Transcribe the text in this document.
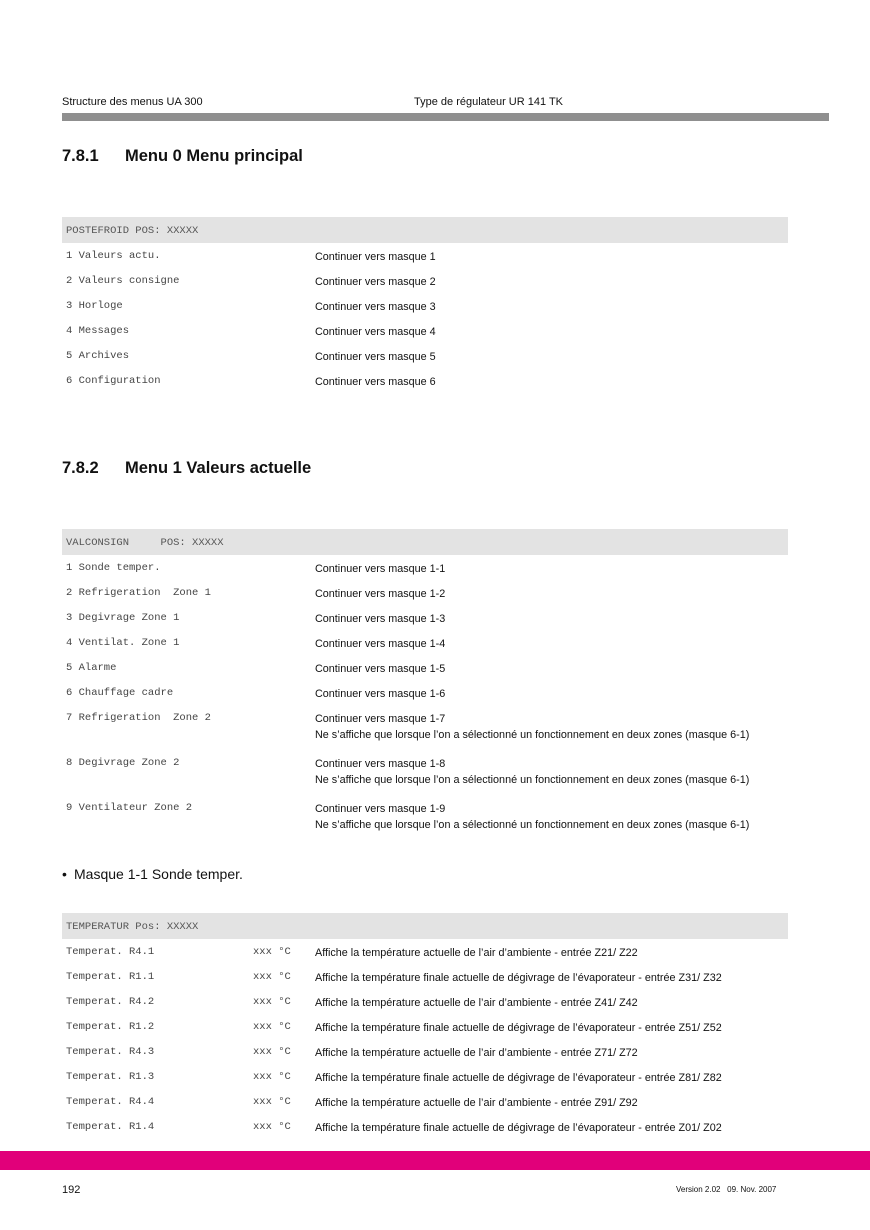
Structure des menus UA 300	Type de régulateur UR 141 TK
7.8.1 Menu 0 Menu principal
POSTEFROID POS: XXXXX
1 Valeurs actu.	Continuer vers masque 1
2 Valeurs consigne	Continuer vers masque 2
3 Horloge	Continuer vers masque 3
4 Messages	Continuer vers masque 4
5 Archives	Continuer vers masque 5
6 Configuration	Continuer vers masque 6
7.8.2 Menu 1 Valeurs actuelle
VALCONSIGN     POS: XXXXX
1 Sonde temper.	Continuer vers masque 1-1
2 Refrigeration  Zone 1	Continuer vers masque 1-2
3 Degivrage Zone 1	Continuer vers masque 1-3
4 Ventilat. Zone 1	Continuer vers masque 1-4
5 Alarme	Continuer vers masque 1-5
6 Chauffage cadre	Continuer vers masque 1-6
7 Refrigeration  Zone 2	Continuer vers masque 1-7
Ne s’affiche que lorsque l’on a sélectionné un fonctionnement en deux zones (masque 6-1)
8 Degivrage Zone 2	Continuer vers masque 1-8
Ne s’affiche que lorsque l’on a sélectionné un fonctionnement en deux zones (masque 6-1)
9 Ventilateur Zone 2	Continuer vers masque 1-9
Ne s’affiche que lorsque l’on a sélectionné un fonctionnement en deux zones (masque 6-1)
• Masque 1-1 Sonde temper.
TEMPERATUR Pos: XXXXX
Temperat. R4.1	xxx °C Affiche la température actuelle de l’air d’ambiente - entrée Z21/ Z22
Temperat. R1.1	xxx °C Affiche la température finale actuelle de dégivrage de l’évaporateur - entrée Z31/ Z32
Temperat. R4.2	xxx °C Affiche la température actuelle de l’air d’ambiente - entrée Z41/ Z42
Temperat. R1.2	xxx °C Affiche la température finale actuelle de dégivrage de l’évaporateur - entrée Z51/ Z52
Temperat. R4.3	xxx °C Affiche la température actuelle de l’air d’ambiente - entrée Z71/ Z72
Temperat. R1.3	xxx °C Affiche la température finale actuelle de dégivrage de l’évaporateur - entrée Z81/ Z82
Temperat. R4.4	xxx °C Affiche la température actuelle de l’air d’ambiente - entrée Z91/ Z92
Temperat. R1.4	xxx °C Affiche la température finale actuelle de dégivrage de l’évaporateur - entrée Z01/ Z02
192	Version 2.02   09. Nov. 2007
